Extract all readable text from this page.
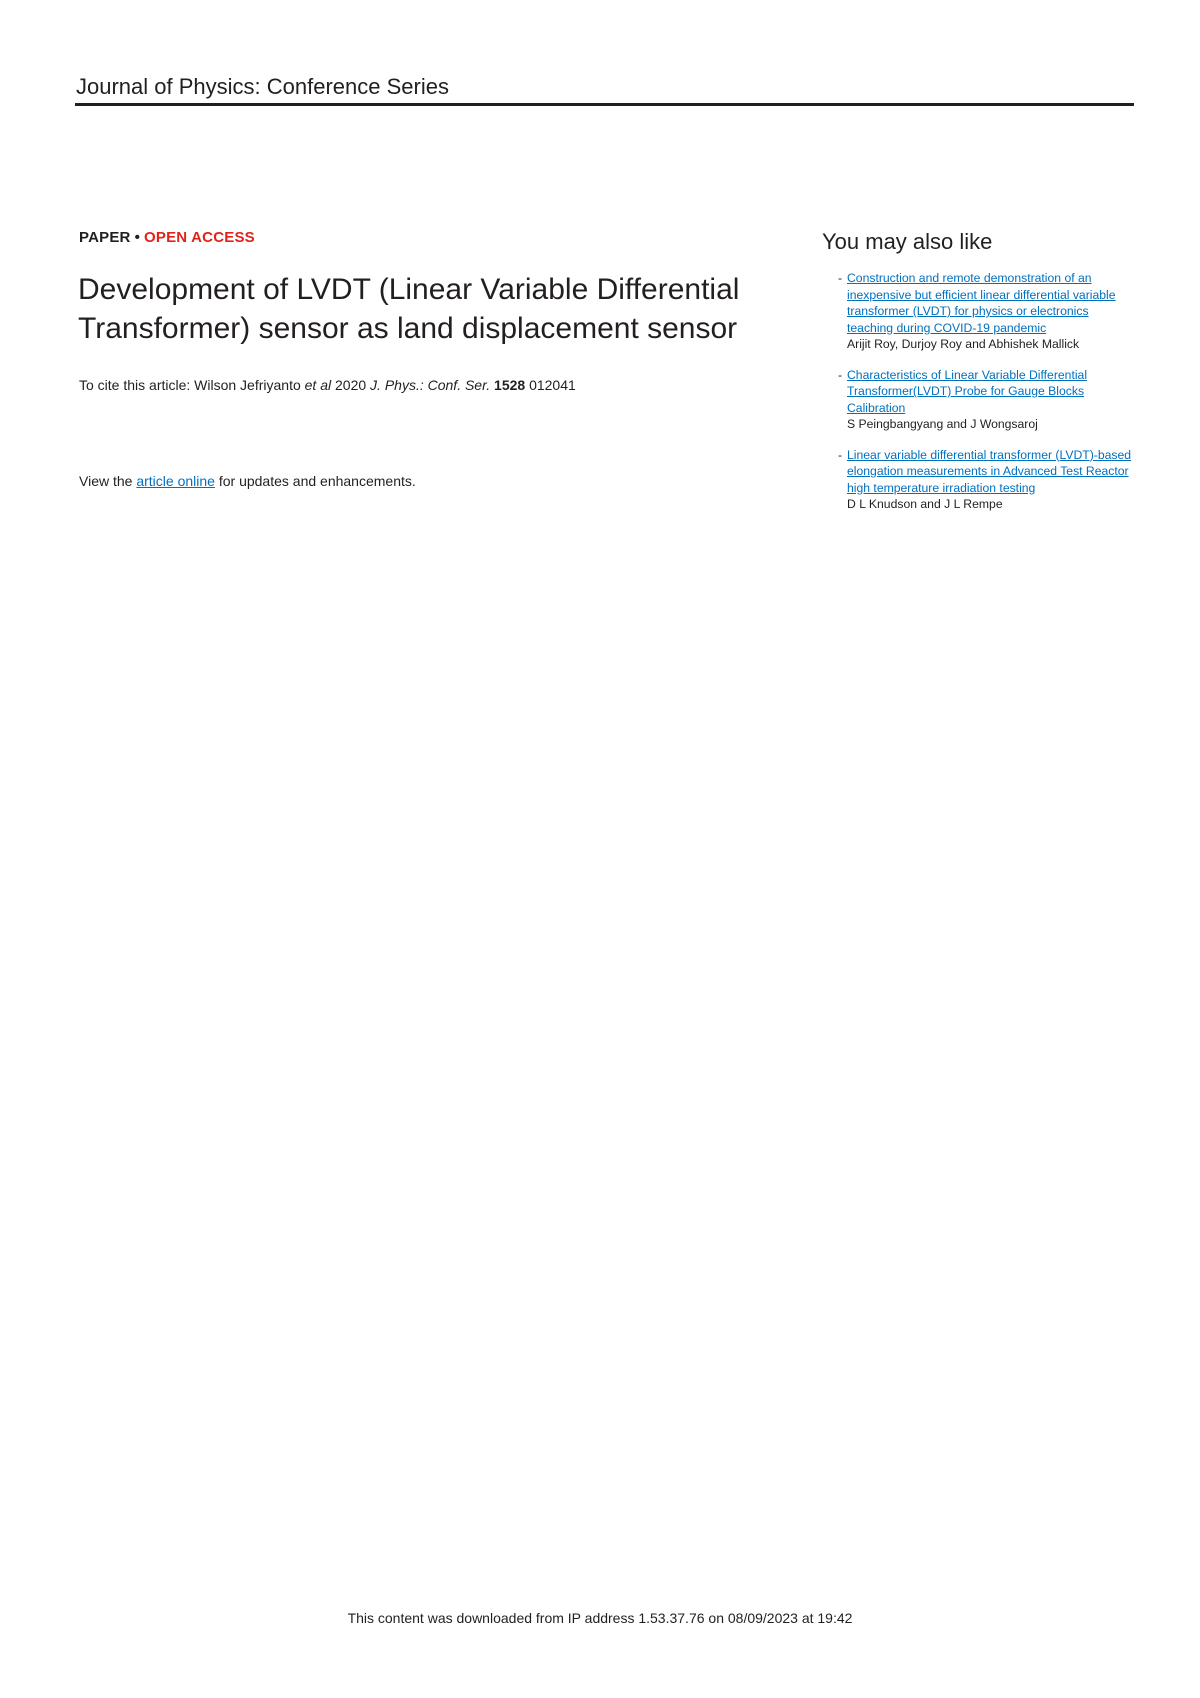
Journal of Physics: Conference Series
PAPER • OPEN ACCESS
Development of LVDT (Linear Variable Differential Transformer) sensor as land displacement sensor
To cite this article: Wilson Jefriyanto et al 2020 J. Phys.: Conf. Ser. 1528 012041
View the article online for updates and enhancements.
You may also like
- Construction and remote demonstration of an inexpensive but efficient linear differential variable transformer (LVDT) for physics or electronics teaching during COVID-19 pandemic
Arijit Roy, Durjoy Roy and Abhishek Mallick
- Characteristics of Linear Variable Differential Transformer(LVDT) Probe for Gauge Blocks Calibration
S Peingbangyang and J Wongsaroj
- Linear variable differential transformer (LVDT)-based elongation measurements in Advanced Test Reactor high temperature irradiation testing
D L Knudson and J L Rempe
This content was downloaded from IP address 1.53.37.76 on 08/09/2023 at 19:42
